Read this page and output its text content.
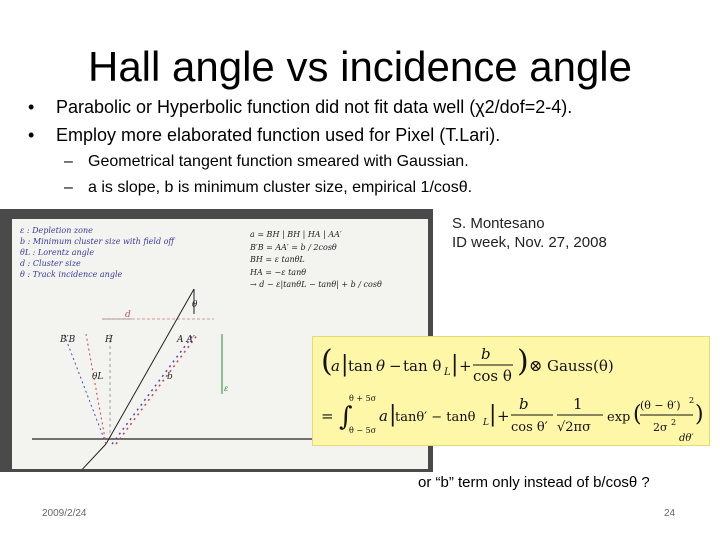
Hall angle vs incidence angle
• Parabolic or Hyperbolic function did not fit data well (χ2/dof=2-4).
• Employ more elaborated function used for Pixel (T.Lari).
– Geometrical tangent function smeared with Gaussian.
– a is slope, b is minimum cluster size, empirical 1/cosθ.
S. Montesano
ID week, Nov. 27, 2008
ε : Depletion zone
b : Minimum cluster size with field off
θL : Lorentz angle
d : Cluster size
θ : Track incidence angle
a = BH | BH | HA | AA′
B′B = AA′ = b / 2cosθ
BH = ε tanθL
HA = −ε tanθ
→ d − ε|tanθL − tanθ| + b / cosθ
d
θ
θL	b
ε
B′B	H	A A′
(
a | tan θ − tan θ L | +
b
cos θ ) ⊗ Gauss(θ)
= ∫
θ + 5σ
θ − 5σ
a |
tanθ′ − tanθ L | +
b
cos θ′
1
√2πσ
exp (
(θ − θ′) 2
2σ 2 )
dθ′
or “b” term only instead of b/cosθ ?
2009/2/24	24
